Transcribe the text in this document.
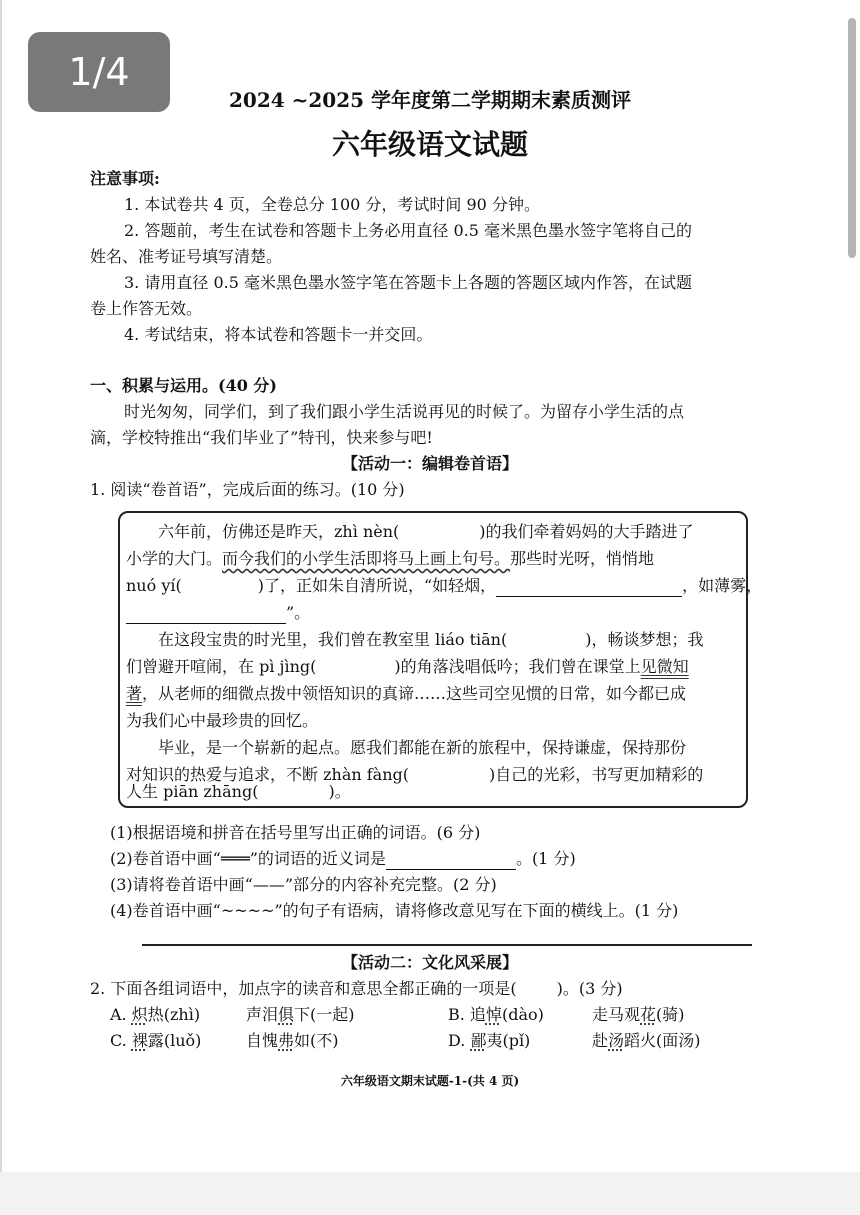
1/4
2024 ~2025 学年度第二学期期末素质测评
六年级语文试题
注意事项:
1. 本试卷共 4 页，全卷总分 100 分，考试时间 90 分钟。
2. 答题前，考生在试卷和答题卡上务必用直径 0.5 毫米黑色墨水签字笔将自己的
姓名、准考证号填写清楚。
3. 请用直径 0.5 毫米黑色墨水签字笔在答题卡上各题的答题区域内作答，在试题
卷上作答无效。
4. 考试结束，将本试卷和答题卡一并交回。
一、积累与运用。(40 分)
时光匆匆，同学们，到了我们跟小学生活说再见的时候了。为留存小学生活的点
滴，学校特推出“我们毕业了”特刊，快来参与吧!
【活动一：编辑卷首语】
1. 阅读“卷首语”，完成后面的练习。(10 分)
六年前，仿佛还是昨天，zhì nèn(	)的我们牵着妈妈的大手踏进了
小学的大门。而今我们的小学生活即将马上画上句号。那些时光呀，悄悄地
nuó yí(	)了，正如朱自清所说，“如轻烟，	，如薄雾，
”。
在这段宝贵的时光里，我们曾在教室里 liáo tiān(	)，畅谈梦想；我
们曾避开喧闹，在 pì jìng(	)的角落浅唱低吟；我们曾在课堂上见微知
著，从老师的细微点拨中领悟知识的真谛……这些司空见惯的日常，如今都已成
为我们心中最珍贵的回忆。
毕业，是一个崭新的起点。愿我们都能在新的旅程中，保持谦虚，保持那份
对知识的热爱与追求，不断 zhàn fàng(	)自己的光彩，书写更加精彩的
人生 piān zhāng(	)。
(1)根据语境和拼音在括号里写出正确的词语。(6 分)
(2)卷首语中画“═══”的词语的近义词是	。(1 分)
(3)请将卷首语中画“——”部分的内容补充完整。(2 分)
(4)卷首语中画“~~~~”的句子有语病，请将修改意见写在下面的横线上。(1 分)
【活动二：文化风采展】
2. 下面各组词语中，加点字的读音和意思全都正确的一项是(	)。(3 分)
A. 炽热(zhì)	声泪俱下(一起)	B. 追悼(dào)	走马观花(骑)
C. 裸露(luǒ)	自愧弗如(不)	D. 鄙夷(pǐ)	赴汤蹈火(面汤)
六年级语文期末试题-1-(共 4 页)
